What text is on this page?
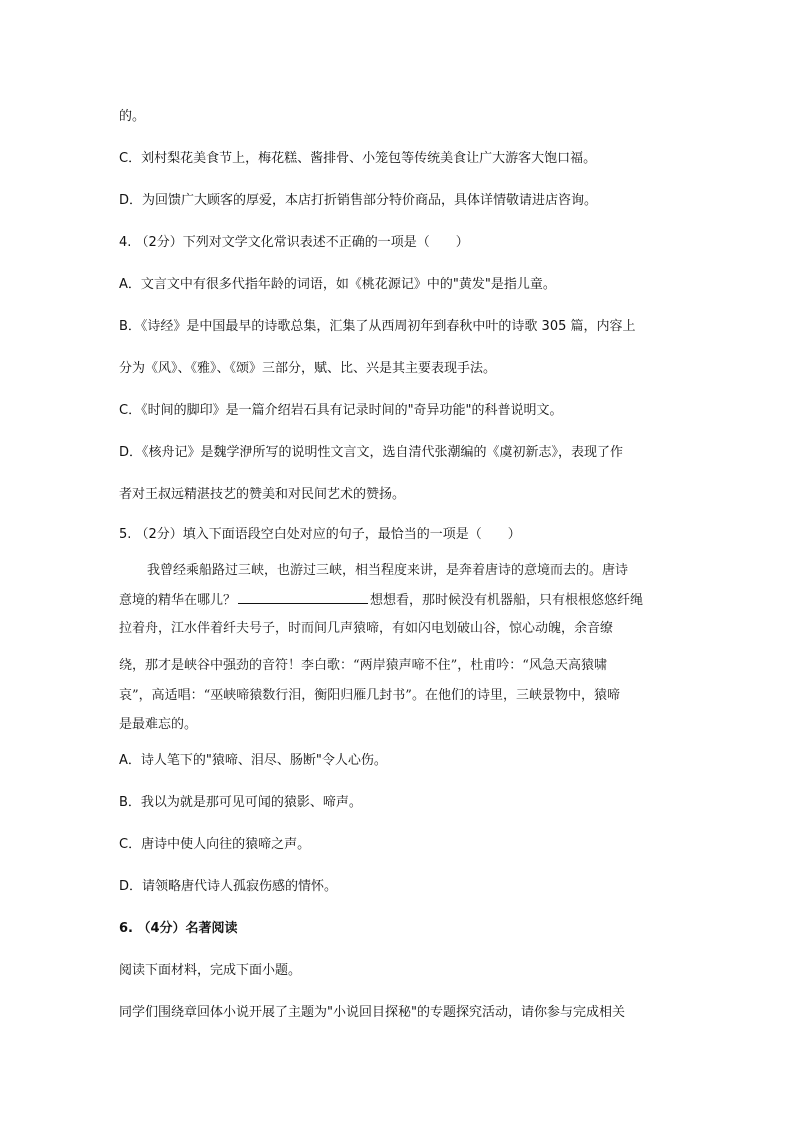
的。
C．刘村梨花美食节上，梅花糕、酱排骨、小笼包等传统美食让广大游客大饱口福。
D．为回馈广大顾客的厚爱，本店打折销售部分特价商品，具体详情敬请进店咨询。
4. （2分）下列对文学文化常识表述不正确的一项是（　　）
A．文言文中有很多代指年龄的词语，如《桃花源记》中的"黄发"是指儿童。
B．《诗经》是中国最早的诗歌总集，汇集了从西周初年到春秋中叶的诗歌 305 篇，内容上
分为《风》、《雅》、《颂》三部分，赋、比、兴是其主要表现手法。
C．《时间的脚印》是一篇介绍岩石具有记录时间的"奇异功能"的科普说明文。
D．《核舟记》是魏学洢所写的说明性文言文，选自清代张潮编的《虞初新志》，表现了作
者对王叔远精湛技艺的赞美和对民间艺术的赞扬。
5. （2分）填入下面语段空白处对应的句子，最恰当的一项是（　　）
我曾经乘船路过三峡，也游过三峡，相当程度来讲，是奔着唐诗的意境而去的。唐诗
意境的精华在哪儿？	想想看，那时候没有机器船，只有根根悠悠纤绳
拉着舟，江水伴着纤夫号子，时而间几声猿啼，有如闪电划破山谷，惊心动魄，余音缭
绕，那才是峡谷中强劲的音符！李白歌：“两岸猿声啼不住”，杜甫吟：“风急天高猿啸
哀”，高适唱：“巫峡啼猿数行泪，衡阳归雁几封书”。在他们的诗里，三峡景物中，猿啼
是最难忘的。
A．诗人笔下的"猿啼、泪尽、肠断"令人心伤。
B．我以为就是那可见可闻的猿影、啼声。
C．唐诗中使人向往的猿啼之声。
D．请领略唐代诗人孤寂伤感的情怀。
6. （4分）名著阅读
阅读下面材料，完成下面小题。
同学们围绕章回体小说开展了主题为"小说回目探秘"的专题探究活动，请你参与完成相关
